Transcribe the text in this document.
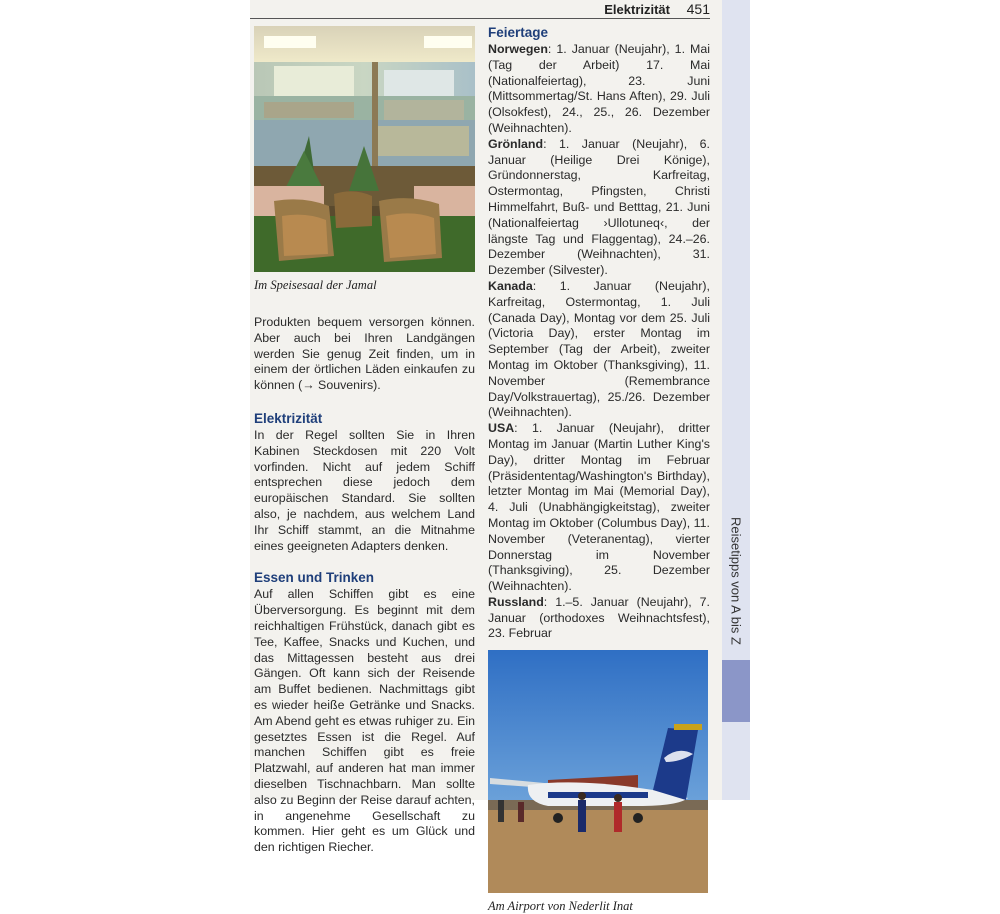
Reisetipps von A bis Z
Elektrizität	451
Im Speisesaal der Jamal

Produkten bequem versorgen können. Aber auch bei Ihren Landgängen werden Sie genug Zeit finden, um in einem der örtlichen Läden einkaufen zu können (→ Souvenirs).

Elektrizität

In der Regel sollten Sie in Ihren Kabinen Steckdosen mit 220 Volt vorfinden. Nicht auf jedem Schiff entsprechen diese jedoch dem europäischen Standard. Sie sollten also, je nachdem, aus welchem Land Ihr Schiff stammt, an die Mitnahme eines geeigneten Adapters denken.

Essen und Trinken

Auf allen Schiffen gibt es eine Überversorgung. Es beginnt mit dem reichhaltigen Frühstück, danach gibt es Tee, Kaffee, Snacks und Kuchen, und das Mittagessen besteht aus drei Gängen. Oft kann sich der Reisende am Buffet bedienen. Nachmittags gibt es wieder heiße Getränke und Snacks. Am Abend geht es etwas ruhiger zu. Ein gesetztes Essen ist die Regel. Auf manchen Schiffen gibt es freie Platzwahl, auf anderen hat man immer dieselben Tischnachbarn. Man sollte also zu Beginn der Reise darauf achten, in angenehme Gesellschaft zu kommen. Hier geht es um Glück und den richtigen Riecher.

Feiertage

Norwegen: 1. Januar (Neujahr), 1. Mai (Tag der Arbeit) 17. Mai (Nationalfeiertag), 23. Juni (Mittsommertag/St. Hans Aften), 29. Juli (Olsokfest), 24., 25., 26. Dezember (Weihnachten).

Grönland: 1. Januar (Neujahr), 6. Januar (Heilige Drei Könige), Gründonnerstag, Karfreitag, Ostermontag, Pfingsten, Christi Himmelfahrt, Buß- und Betttag, 21. Juni (Nationalfeiertag ›Ullotuneq‹, der längste Tag und Flaggentag), 24.–26. Dezember (Weihnachten), 31. Dezember (Silvester).

Kanada: 1. Januar (Neujahr), Karfreitag, Ostermontag, 1. Juli (Canada Day), Montag vor dem 25. Juli (Victoria Day), erster Montag im September (Tag der Arbeit), zweiter Montag im Oktober (Thanksgiving), 11. November (Remembrance Day/Volkstrauertag), 25./26. Dezember (Weihnachten).

USA: 1. Januar (Neujahr), dritter Montag im Januar (Martin Luther King's Day), dritter Montag im Februar (Präsidententag/Washington's Birthday), letzter Montag im Mai (Memorial Day), 4. Juli (Unabhängigkeitstag), zweiter Montag im Oktober (Columbus Day), 11. November (Veteranentag), vierter Donnerstag im November (Thanksgiving), 25. Dezember (Weihnachten).

Russland: 1.–5. Januar (Neujahr), 7. Januar (orthodoxes Weihnachtsfest), 23. Februar

Am Airport von Nederlit Inat
